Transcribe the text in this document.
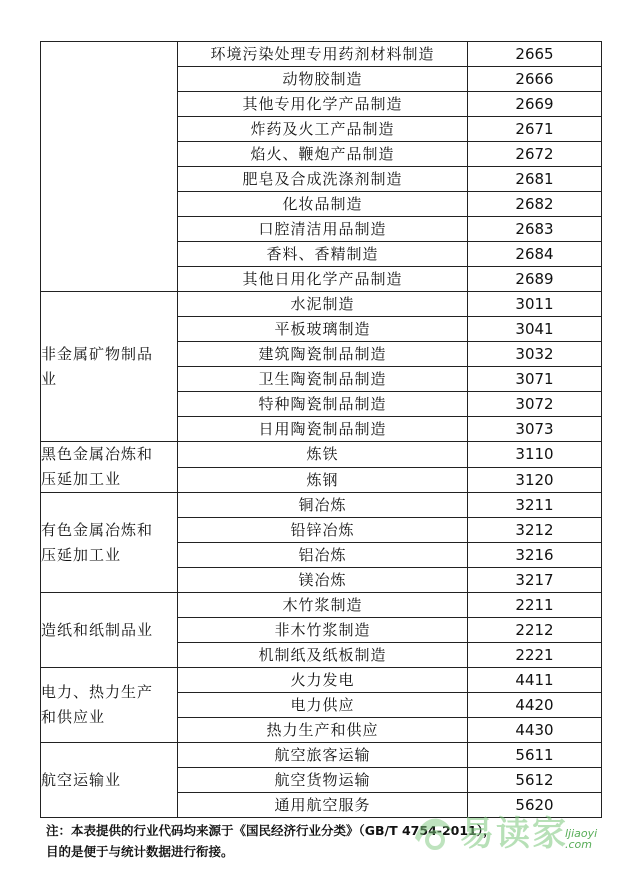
	环境污染处理专用药剂材料制造	2665
	动物胶制造	2666
	其他专用化学产品制造	2669
	炸药及火工产品制造	2671
	焰火、鞭炮产品制造	2672
	肥皂及合成洗涤剂制造	2681
	化妆品制造	2682
	口腔清洁用品制造	2683
	香料、香精制造	2684
	其他日用化学产品制造	2689

非金属矿物制品
业	水泥制造	3011
	平板玻璃制造	3041
	建筑陶瓷制品制造	3032
	卫生陶瓷制品制造	3071
	特种陶瓷制品制造	3072
	日用陶瓷制品制造	3073

黑色金属冶炼和
压延加工业	炼铁	3110
	炼钢	3120

有色金属冶炼和
压延加工业	铜冶炼	3211
	铅锌冶炼	3212
	铝冶炼	3216
	镁冶炼	3217

造纸和纸制品业	木竹浆制造	2211
	非木竹浆制造	2212
	机制纸及纸板制造	2221

电力、热力生产
和供应业	火力发电	4411
	电力供应	4420
	热力生产和供应	4430

航空运输业	航空旅客运输	5611
	航空货物运输	5612
	通用航空服务	5620
注：本表提供的行业代码均来源于《国民经济行业分类》（GB/T 4754-2011），
目的是便于与统计数据进行衔接。	易读家
ljiaoyi
.com
